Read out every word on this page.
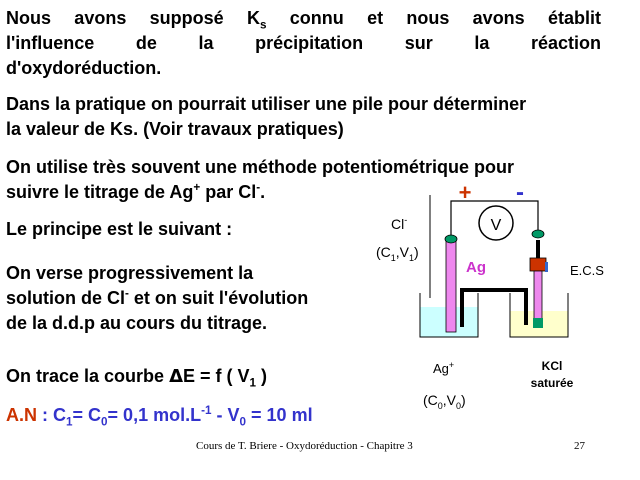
Nous avons supposé $K_s$ connu et nous avons établit
l'influence de la précipitation sur la réaction
d'oxydoréduction.
Dans la pratique on pourrait utiliser une pile pour déterminer
la valeur de Ks. (Voir travaux pratiques)
On utilise très souvent une méthode potentiométrique pour
suivre le titrage de Ag+ par Cl-.
Le principe est le suivant :
On verse progressivement la
solution de Cl- et on suit l'évolution
de la d.d.p au cours du titrage.
On trace la courbe ΔE = f ( $V_1$ )
A.N : $C_1= C_0= 0,1$ $mol.L^{-1} - V_0 = 10$ ml
V
+ -
Cl-
$(C_1,V_1)$
Ag	E.C.S
Ag+
$(C_0,V_0)$
KCl
saturée
Cours de T. Briere - Oxydoréduction - Chapitre 3	27
